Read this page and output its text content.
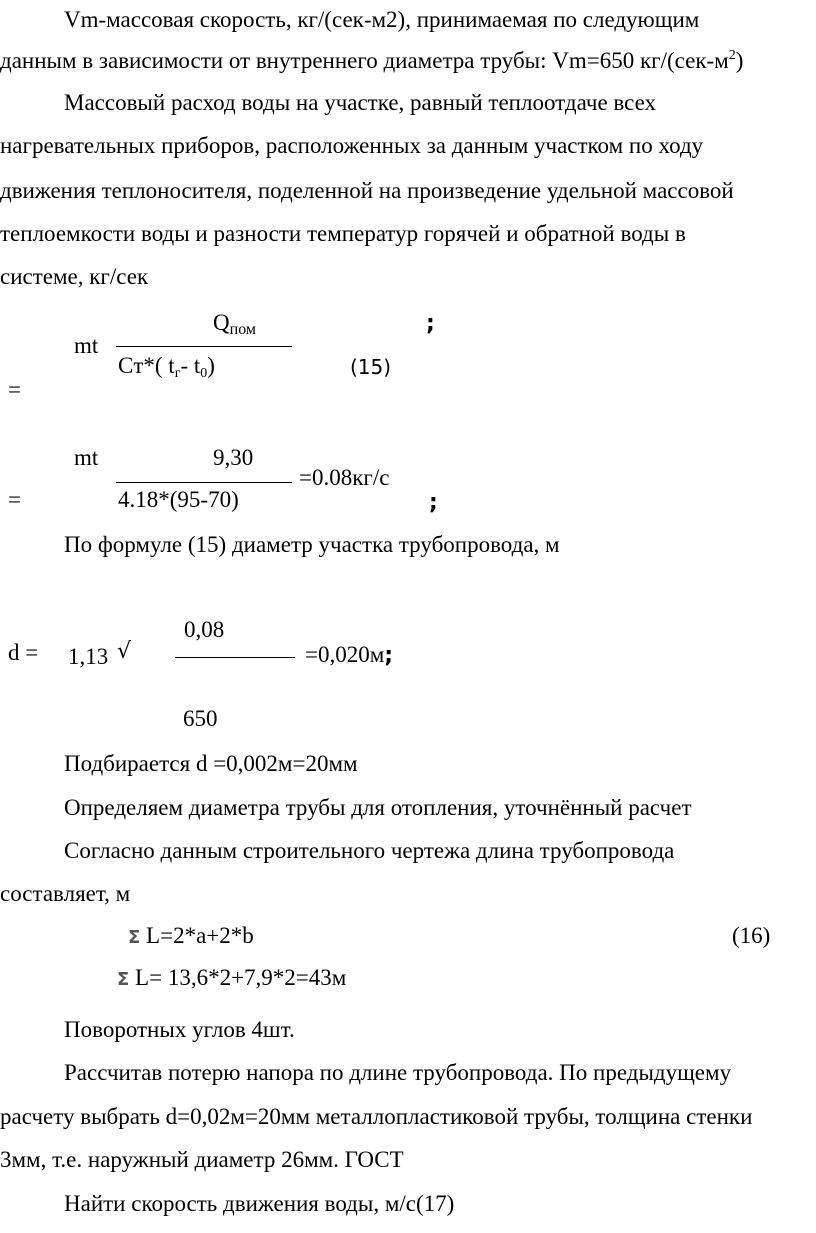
Vm-массовая скорость, кг/(сек-м2), принимаемая по следующим
данным в зависимости от внутреннего диаметра трубы: Vm=650 $кг/(сек-м^2)$
Массовый расход воды на участке, равный теплоотдаче всех
нагревательных приборов, расположенных за данным участком по ходу
движения теплоносителя, поделенной на произведение удельной массовой
теплоемкости воды и разности температур горячей и обратной воды в
системе, кг/сек
$Q_{пом}$	;
mt
Cт*( $t_г-$ $t_0$)	(15)
=
mt	9,30
=0.08кг/с
=	4.18*(95-70)	;
По формуле (15) диаметр участка трубопровода, м
0,08
d = 1,13 √	=0,020м;
650
Подбирается d =0,002м=20мм
Определяем диаметра трубы для отопления, уточнённый расчет
Согласно данным строительного чертежа длина трубопровода
составляет, м
Σ L=2*a+2*b	(16)
Σ L= 13,6*2+7,9*2=43м
Поворотных углов 4шт.
Рассчитав потерю напора по длине трубопровода. По предыдущему
расчету выбрать d=0,02м=20мм металлопластиковой трубы, толщина стенки
3мм, т.е. наружный диаметр 26мм. ГОСТ
Найти скорость движения воды, м/с(17)
